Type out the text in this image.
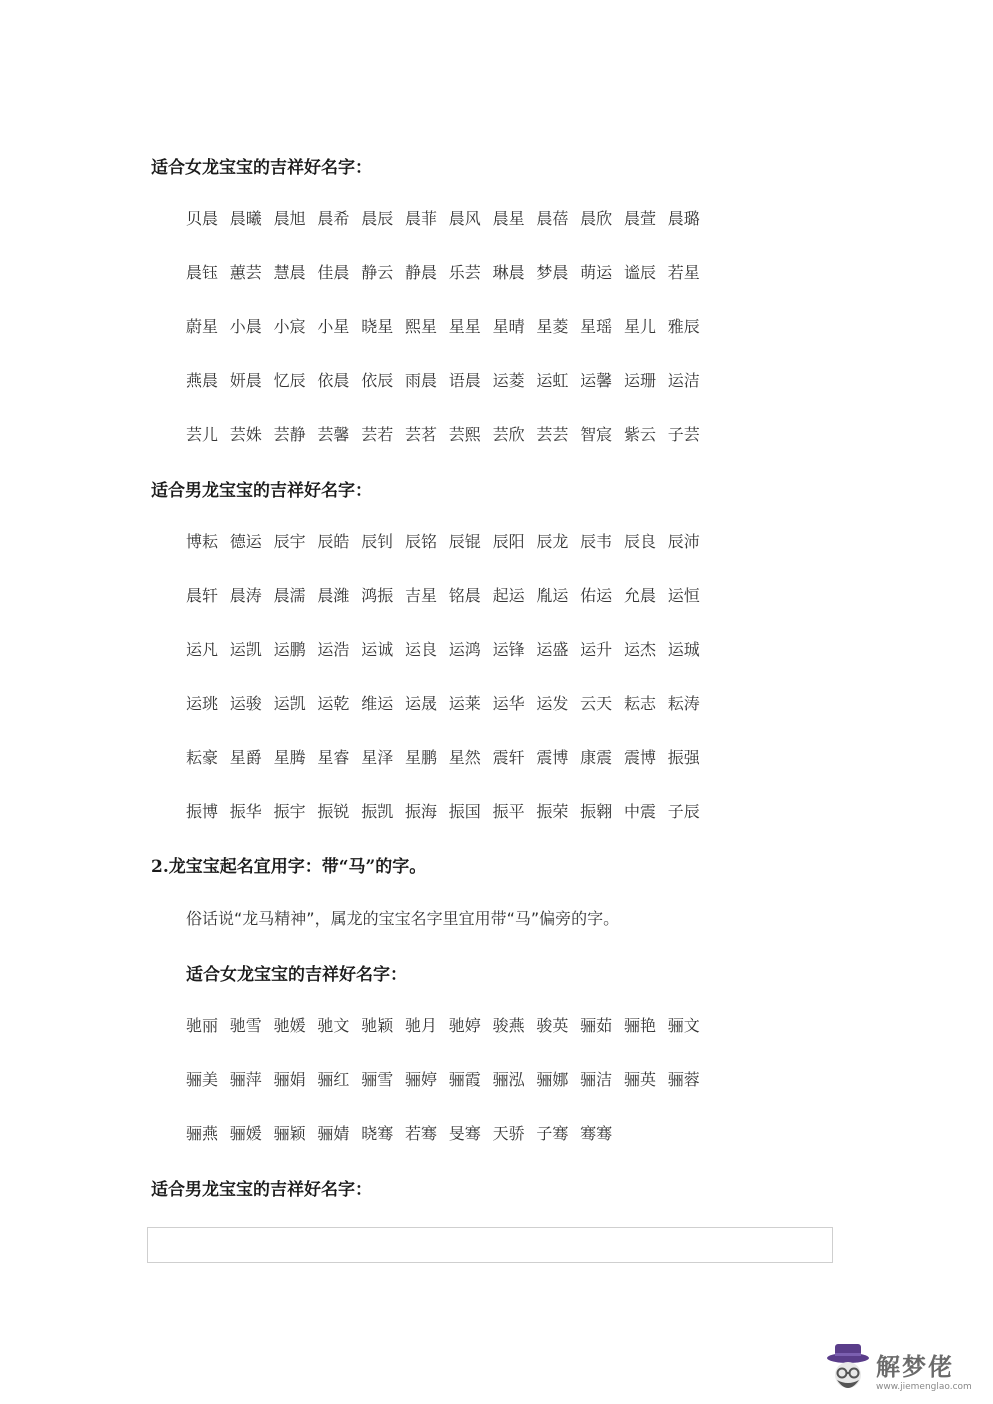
适合女龙宝宝的吉祥好名字：
贝晨 晨曦 晨旭 晨希 晨辰 晨菲 晨风 晨星 晨蓓 晨欣 晨萱 晨璐
晨钰 蕙芸 慧晨 佳晨 静云 静晨 乐芸 琳晨 梦晨 萌运 谧辰 若星
蔚星 小晨 小宸 小星 晓星 熙星 星星 星晴 星菱 星瑶 星儿 雅辰
燕晨 妍晨 忆辰 依晨 依辰 雨晨 语晨 运菱 运虹 运馨 运珊 运洁
芸儿 芸姝 芸静 芸馨 芸若 芸茗 芸熙 芸欣 芸芸 智宸 紫云 子芸
适合男龙宝宝的吉祥好名字：
博耘 德运 辰宇 辰皓 辰钊 辰铭 辰锟 辰阳 辰龙 辰韦 辰良 辰沛
晨轩 晨涛 晨濡 晨潍 鸿振 吉星 铭晨 起运 胤运 佑运 允晨 运恒
运凡 运凯 运鹏 运浩 运诚 运良 运鸿 运锋 运盛 运升 运杰 运珹
运珧 运骏 运凯 运乾 维运 运晟 运莱 运华 运发 云天 耘志 耘涛
耘豪 星爵 星腾 星睿 星泽 星鹏 星然 震轩 震博 康震 震博 振强
振博 振华 振宇 振锐 振凯 振海 振国 振平 振荣 振翱 中震 子辰
2.龙宝宝起名宜用字：带“马”的字。
俗话说“龙马精神”，属龙的宝宝名字里宜用带“马”偏旁的字。
适合女龙宝宝的吉祥好名字：
驰丽 驰雪 驰媛 驰文 驰颖 驰月 驰婷 骏燕 骏英 骊茹 骊艳 骊文
骊美 骊萍 骊娟 骊红 骊雪 骊婷 骊霞 骊泓 骊娜 骊洁 骊英 骊蓉
骊燕 骊媛 骊颖 骊婧 晓骞 若骞 旻骞 天骄 子骞 骞骞
适合男龙宝宝的吉祥好名字：
解梦佬
www.jiemenglao.com
